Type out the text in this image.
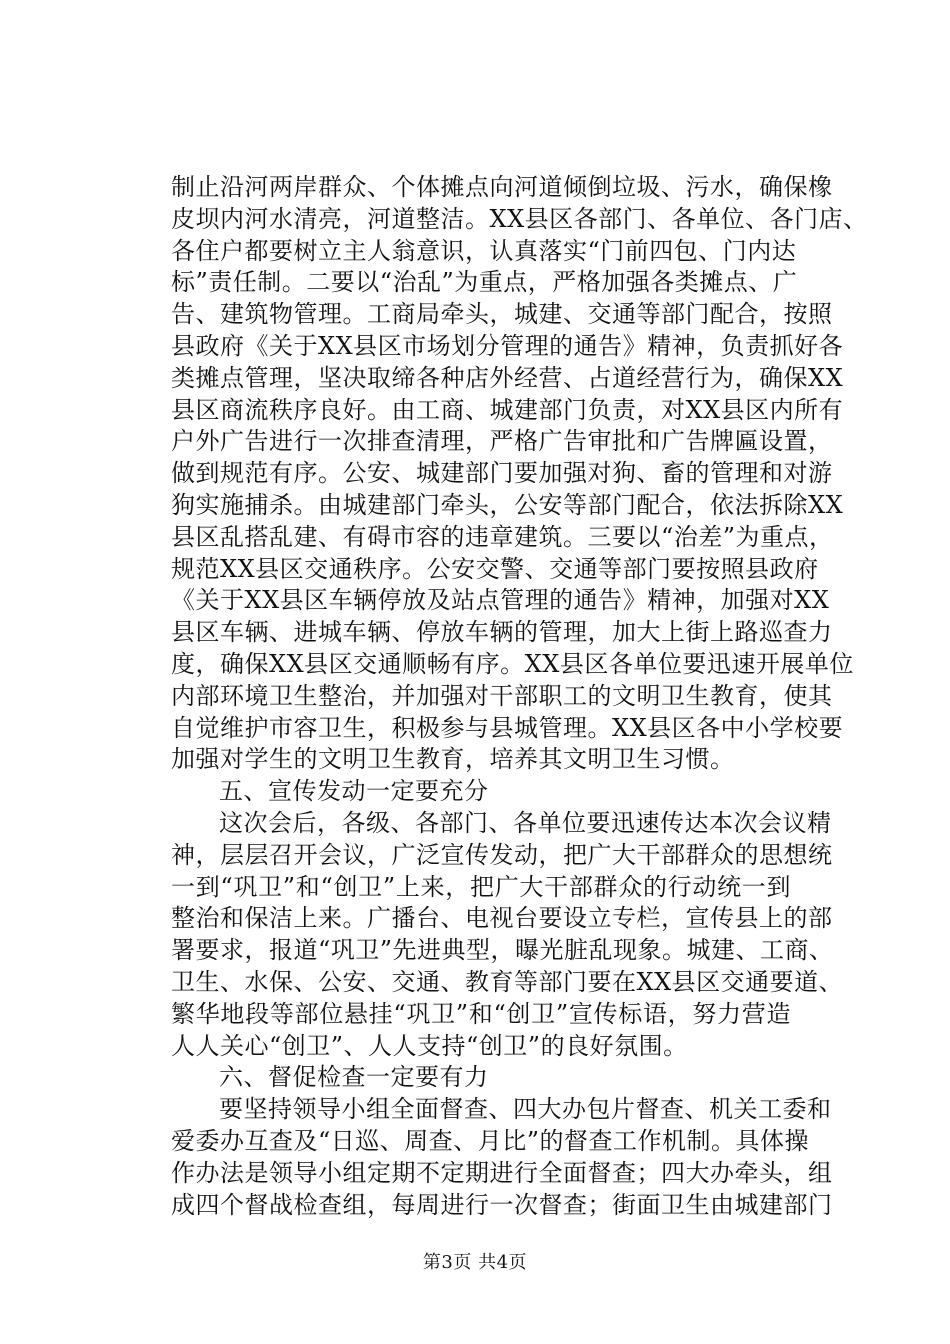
制止沿河两岸群众、个体摊点向河道倾倒垃圾、污水，确保橡
皮坝内河水清亮，河道整洁。XX县区各部门、各单位、各门店、
各住户都要树立主人翁意识，认真落实“门前四包、门内达
标”责任制。二要以“治乱”为重点，严格加强各类摊点、广
告、建筑物管理。工商局牵头，城建、交通等部门配合，按照
县政府《关于XX县区市场划分管理的通告》精神，负责抓好各
类摊点管理，坚决取缔各种店外经营、占道经营行为，确保XX
县区商流秩序良好。由工商、城建部门负责，对XX县区内所有
户外广告进行一次排查清理，严格广告审批和广告牌匾设置，
做到规范有序。公安、城建部门要加强对狗、畜的管理和对游
狗实施捕杀。由城建部门牵头，公安等部门配合，依法拆除XX
县区乱搭乱建、有碍市容的违章建筑。三要以“治差”为重点，
规范XX县区交通秩序。公安交警、交通等部门要按照县政府
《关于XX县区车辆停放及站点管理的通告》精神，加强对XX
县区车辆、进城车辆、停放车辆的管理，加大上街上路巡查力
度，确保XX县区交通顺畅有序。XX县区各单位要迅速开展单位
内部环境卫生整治，并加强对干部职工的文明卫生教育，使其
自觉维护市容卫生，积极参与县城管理。XX县区各中小学校要
加强对学生的文明卫生教育，培养其文明卫生习惯。
五、宣传发动一定要充分
这次会后，各级、各部门、各单位要迅速传达本次会议精
神，层层召开会议，广泛宣传发动，把广大干部群众的思想统
一到“巩卫”和“创卫”上来，把广大干部群众的行动统一到
整治和保洁上来。广播台、电视台要设立专栏，宣传县上的部
署要求，报道“巩卫”先进典型，曝光脏乱现象。城建、工商、
卫生、水保、公安、交通、教育等部门要在XX县区交通要道、
繁华地段等部位悬挂“巩卫”和“创卫”宣传标语，努力营造
人人关心“创卫”、人人支持“创卫”的良好氛围。
六、督促检查一定要有力
要坚持领导小组全面督查、四大办包片督查、机关工委和
爱委办互查及“日巡、周查、月比”的督查工作机制。具体操
作办法是领导小组定期不定期进行全面督查；四大办牵头，组
成四个督战检查组，每周进行一次督查；街面卫生由城建部门
第3页 共4页
